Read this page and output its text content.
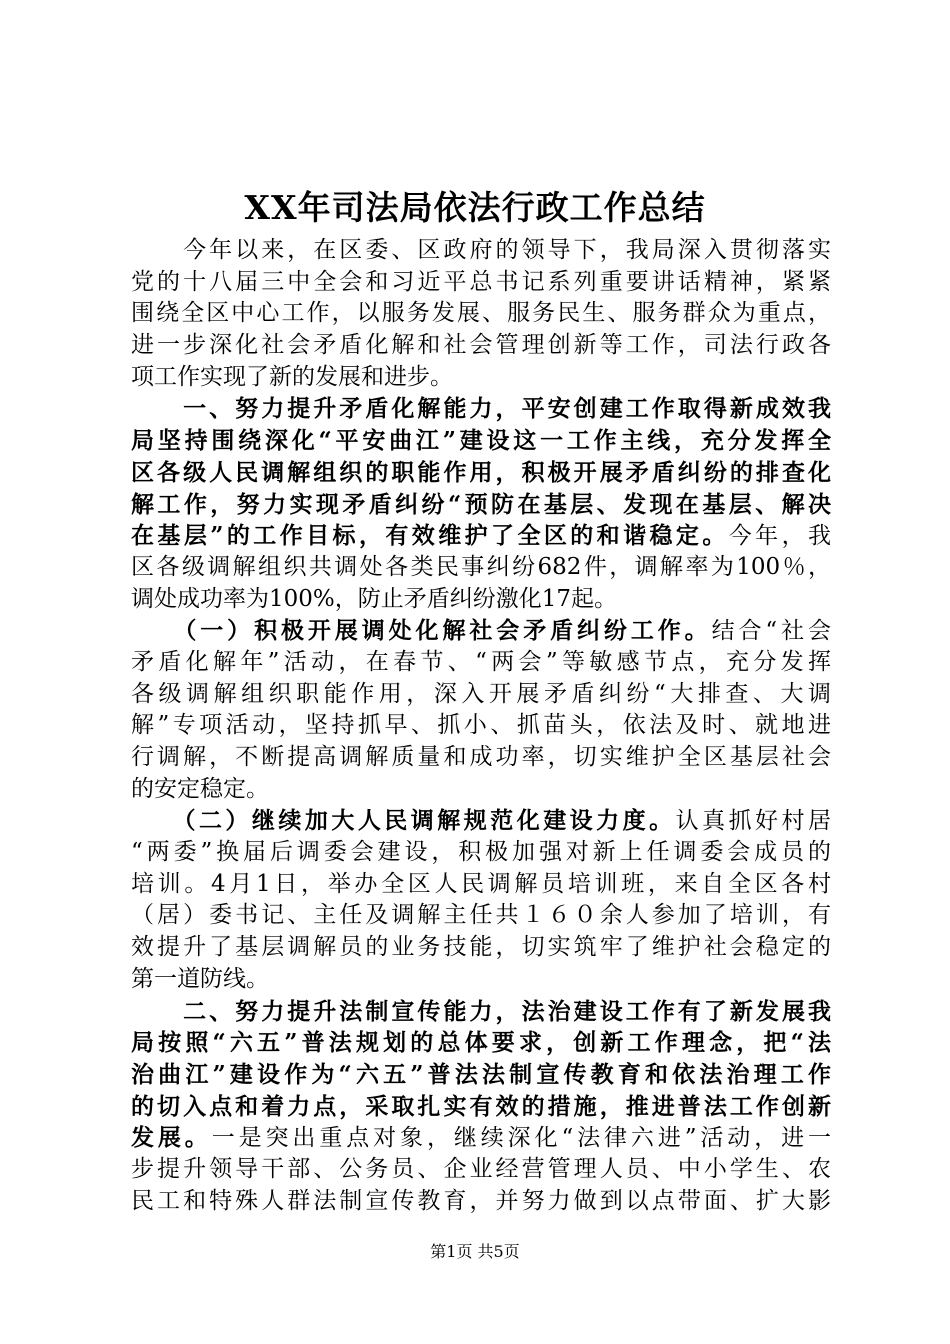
XX年司法局依法行政工作总结
　　今年以来，在区委、区政府的领导下，我局深入贯彻落实
党的十八届三中全会和习近平总书记系列重要讲话精神，紧紧
围绕全区中心工作，以服务发展、服务民生、服务群众为重点，
进一步深化社会矛盾化解和社会管理创新等工作，司法行政各
项工作实现了新的发展和进步。
　　一、努力提升矛盾化解能力，平安创建工作取得新成效我
局坚持围绕深化“平安曲江”建设这一工作主线，充分发挥全
区各级人民调解组织的职能作用，积极开展矛盾纠纷的排查化
解工作，努力实现矛盾纠纷“预防在基层、发现在基层、解决
在基层”的工作目标，有效维护了全区的和谐稳定。今年，我
区各级调解组织共调处各类民事纠纷682件，调解率为100％，
调处成功率为100%，防止矛盾纠纷激化17起。
　　（一）积极开展调处化解社会矛盾纠纷工作。结合“社会
矛盾化解年”活动，在春节、“两会”等敏感节点，充分发挥
各级调解组织职能作用，深入开展矛盾纠纷“大排查、大调
解”专项活动，坚持抓早、抓小、抓苗头，依法及时、就地进
行调解，不断提高调解质量和成功率，切实维护全区基层社会
的安定稳定。
　　（二）继续加大人民调解规范化建设力度。认真抓好村居
“两委”换届后调委会建设，积极加强对新上任调委会成员的
培训。4月1日，举办全区人民调解员培训班，来自全区各村
（居）委书记、主任及调解主任共１６０余人参加了培训，有
效提升了基层调解员的业务技能，切实筑牢了维护社会稳定的
第一道防线。
　　二、努力提升法制宣传能力，法治建设工作有了新发展我
局按照“六五”普法规划的总体要求，创新工作理念，把“法
治曲江”建设作为“六五”普法法制宣传教育和依法治理工作
的切入点和着力点，采取扎实有效的措施，推进普法工作创新
发展。一是突出重点对象，继续深化“法律六进”活动，进一
步提升领导干部、公务员、企业经营管理人员、中小学生、农
民工和特殊人群法制宣传教育，并努力做到以点带面、扩大影
第1页 共5页
